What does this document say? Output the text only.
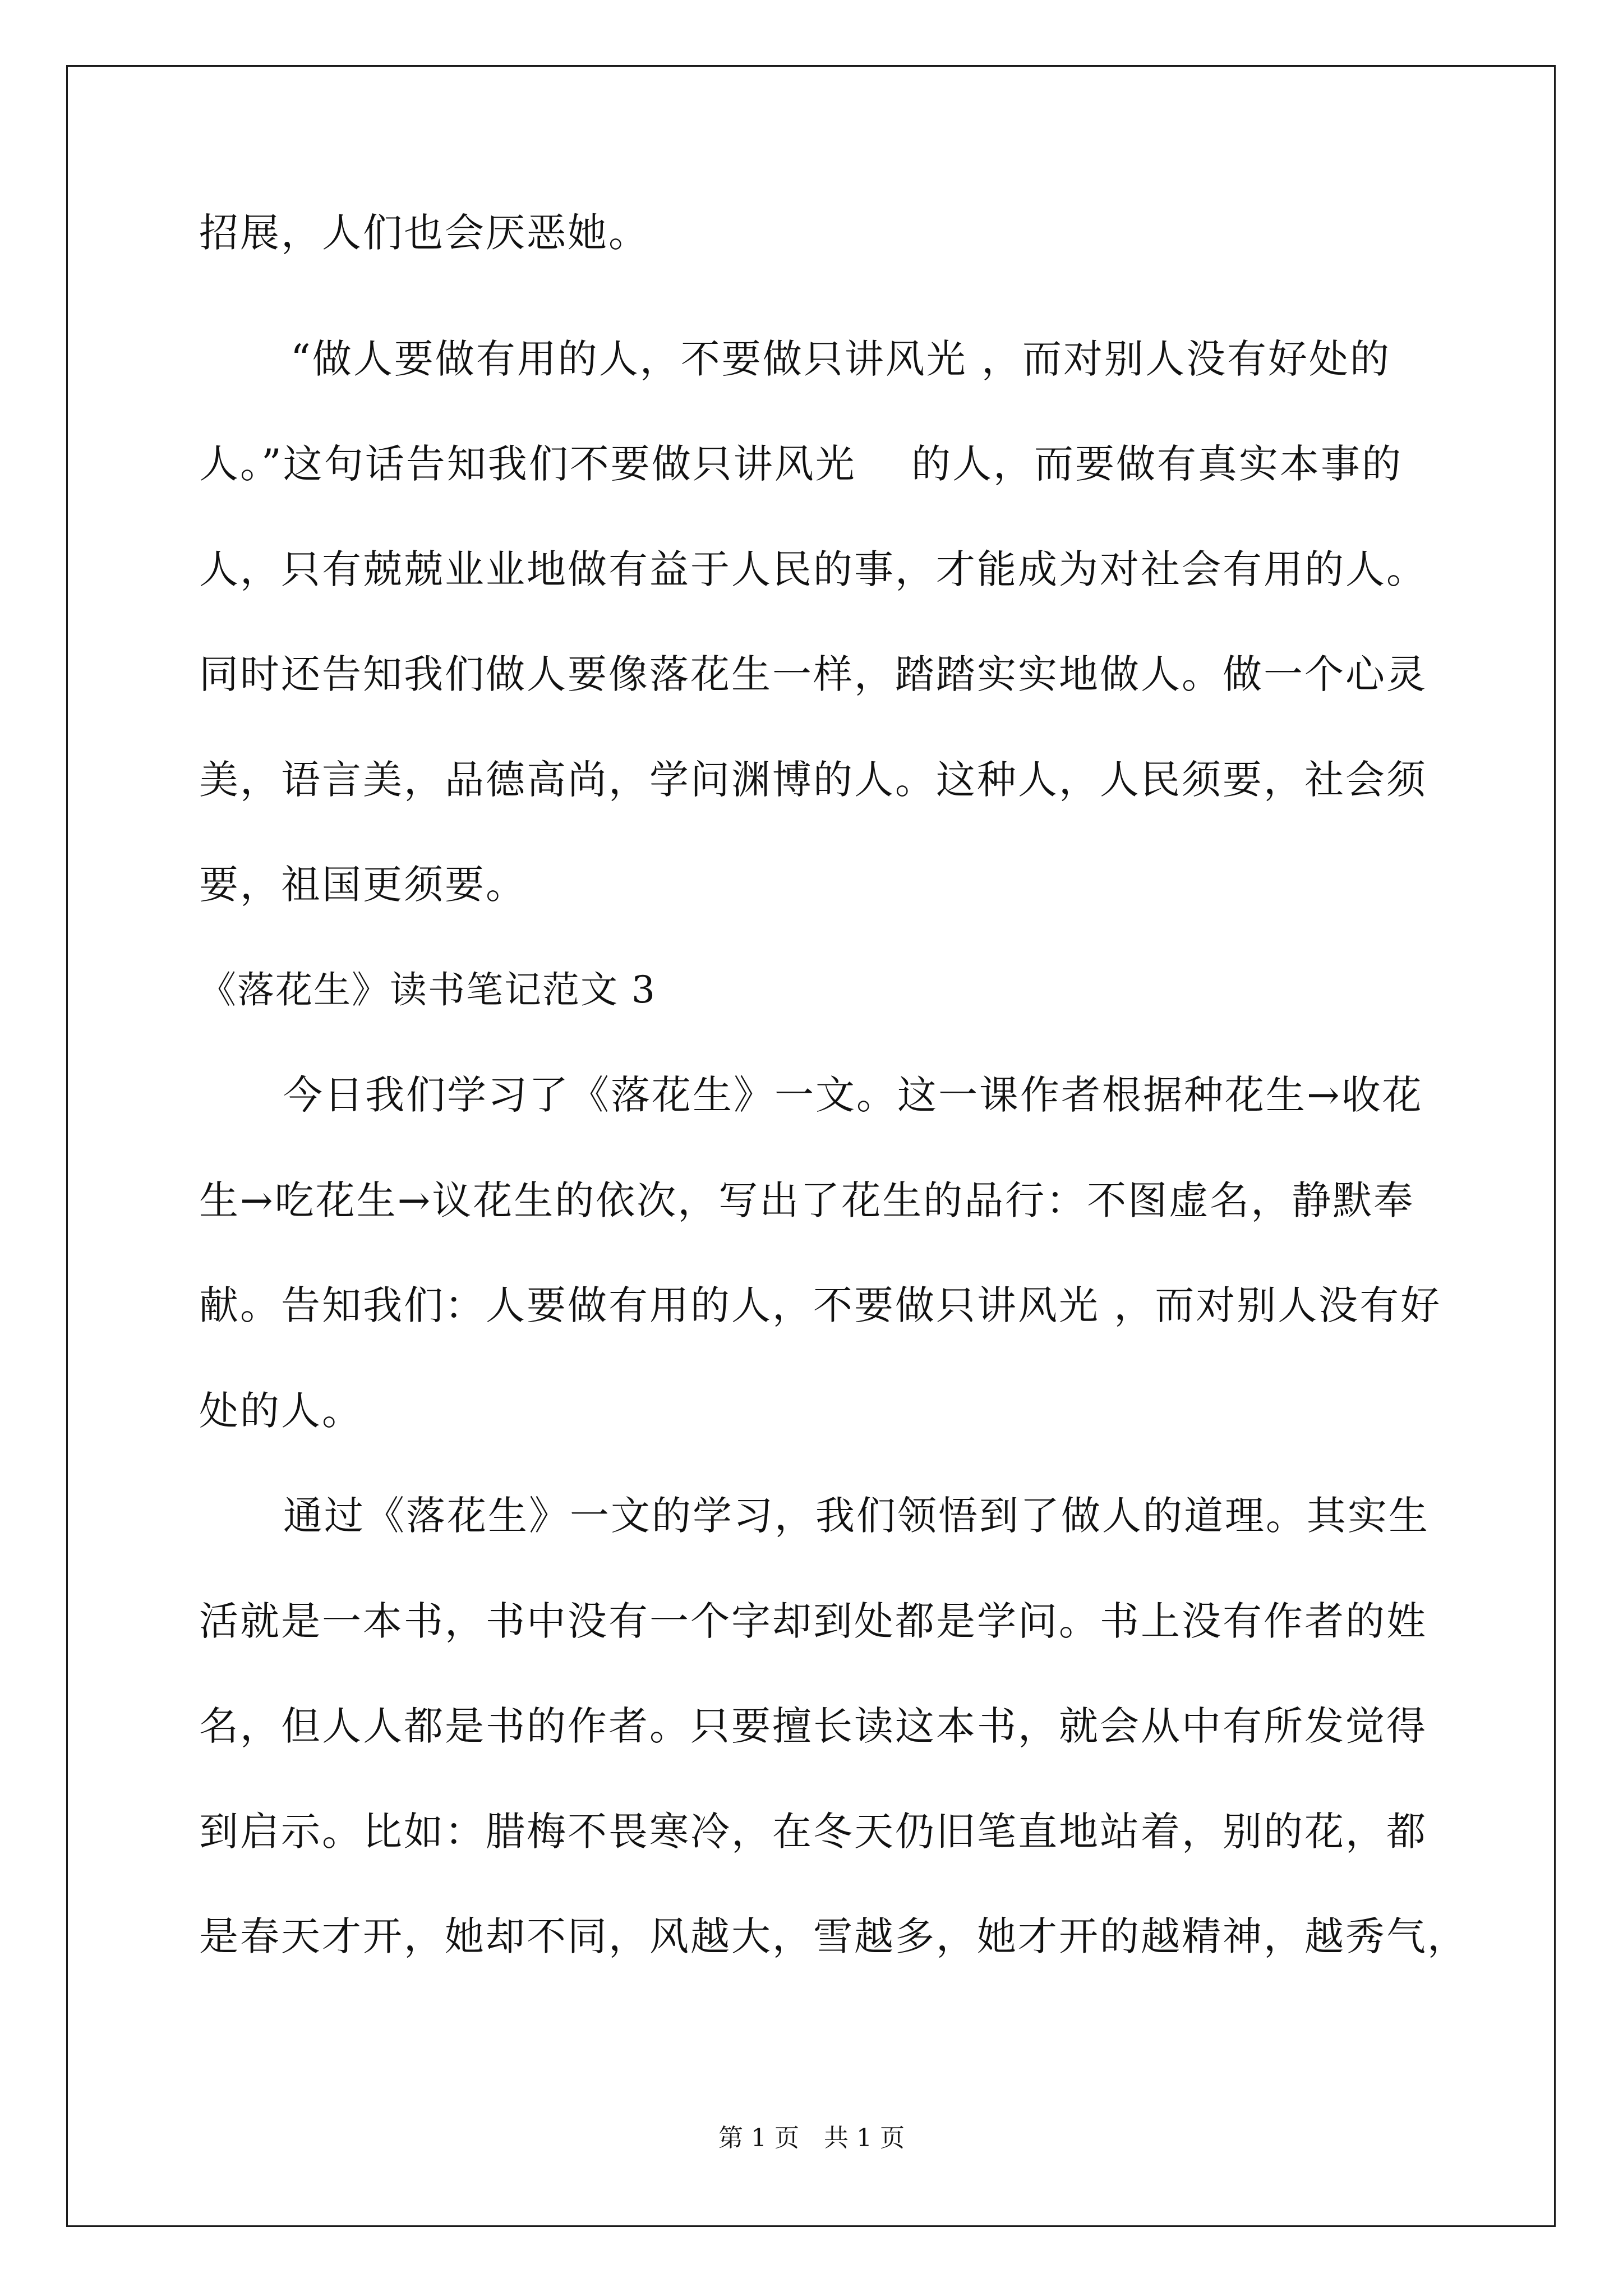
招展，人们也会厌恶她。
“做人要做有用的人，不要做只讲风光 ，而对别人没有好处的
人。”这句话告知我们不要做只讲风光　 的人，而要做有真实本事的
人，只有兢兢业业地做有益于人民的事，才能成为对社会有用的人。
同时还告知我们做人要像落花生一样，踏踏实实地做人。做一个心灵
美，语言美，品德高尚，学问渊博的人。这种人，人民须要，社会须
要，祖国更须要。
《落花生》读书笔记范文 3
今日我们学习了《落花生》一文。这一课作者根据种花生→收花
生→吃花生→议花生的依次，写出了花生的品行：不图虚名，静默奉
献。告知我们：人要做有用的人，不要做只讲风光 ，而对别人没有好
处的人。
通过《落花生》一文的学习，我们领悟到了做人的道理。其实生
活就是一本书，书中没有一个字却到处都是学问。书上没有作者的姓
名，但人人都是书的作者。只要擅长读这本书，就会从中有所发觉得
到启示。比如：腊梅不畏寒冷，在冬天仍旧笔直地站着，别的花，都
是春天才开，她却不同，风越大，雪越多，她才开的越精神，越秀气，
第 1 页　共 1 页
